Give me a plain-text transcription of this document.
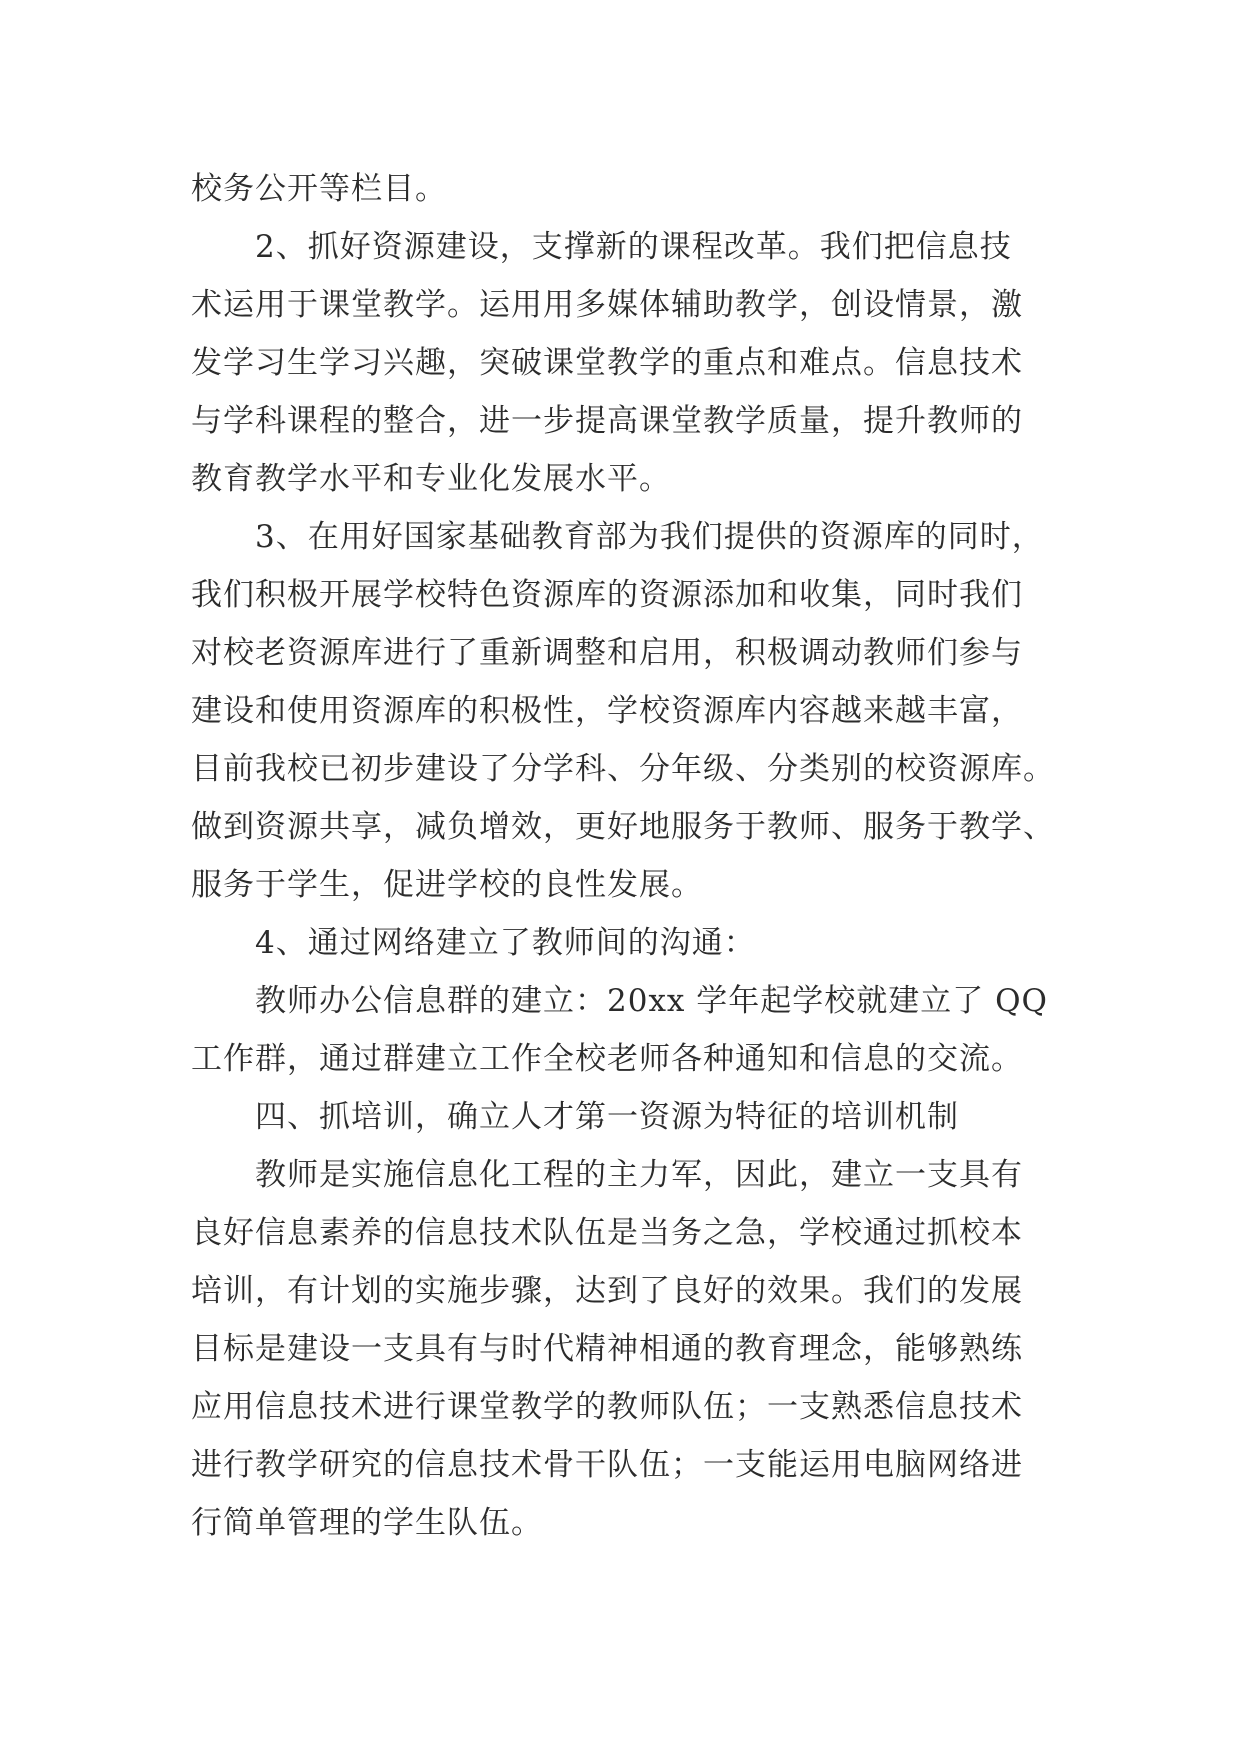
校务公开等栏目。
2、抓好资源建设，支撑新的课程改革。我们把信息技
术运用于课堂教学。运用用多媒体辅助教学，创设情景，激
发学习生学习兴趣，突破课堂教学的重点和难点。信息技术
与学科课程的整合，进一步提高课堂教学质量，提升教师的
教育教学水平和专业化发展水平。
3、在用好国家基础教育部为我们提供的资源库的同时，
我们积极开展学校特色资源库的资源添加和收集，同时我们
对校老资源库进行了重新调整和启用，积极调动教师们参与
建设和使用资源库的积极性，学校资源库内容越来越丰富，
目前我校已初步建设了分学科、分年级、分类别的校资源库。
做到资源共享，减负增效，更好地服务于教师、服务于教学、
服务于学生，促进学校的良性发展。
4、通过网络建立了教师间的沟通：
教师办公信息群的建立：20xx 学年起学校就建立了 QQ
工作群，通过群建立工作全校老师各种通知和信息的交流。
四、抓培训，确立人才第一资源为特征的培训机制
教师是实施信息化工程的主力军，因此，建立一支具有
良好信息素养的信息技术队伍是当务之急，学校通过抓校本
培训，有计划的实施步骤，达到了良好的效果。我们的发展
目标是建设一支具有与时代精神相通的教育理念，能够熟练
应用信息技术进行课堂教学的教师队伍；一支熟悉信息技术
进行教学研究的信息技术骨干队伍；一支能运用电脑网络进
行简单管理的学生队伍。
